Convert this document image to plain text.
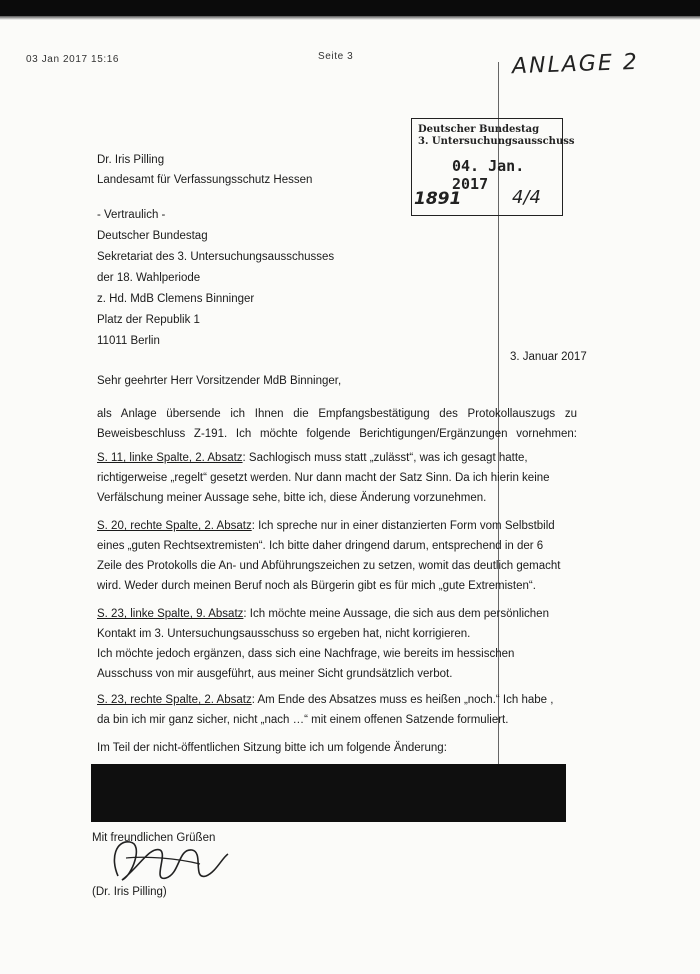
03 Jan 2017 15:16	Seite 3	ANLAGE 2
Deutscher Bundestag
3. Untersuchungsausschuss
04. Jan. 2017
1891	4/4
Dr. Iris Pilling
Landesamt für Verfassungsschutz Hessen
- Vertraulich -
Deutscher Bundestag
Sekretariat des 3. Untersuchungsausschusses
der 18. Wahlperiode
z. Hd. MdB Clemens Binninger
Platz der Republik 1
11011 Berlin
3. Januar 2017
Sehr geehrter Herr Vorsitzender MdB Binninger,

als Anlage übersende ich Ihnen die Empfangsbestätigung des Protokollauszugs zu

Beweisbeschluss Z-191. Ich möchte folgende Berichtigungen/Ergänzungen vornehmen:

S. 11, linke Spalte, 2. Absatz: Sachlogisch muss statt „zulässt“, was ich gesagt hatte,

richtigerweise „regelt“ gesetzt werden. Nur dann macht der Satz Sinn. Da ich hierin keine

Verfälschung meiner Aussage sehe, bitte ich, diese Änderung vorzunehmen.

S. 20, rechte Spalte, 2. Absatz: Ich spreche nur in einer distanzierten Form vom Selbstbild

eines „guten Rechtsextremisten“. Ich bitte daher dringend darum, entsprechend in der 6

Zeile des Protokolls die An- und Abführungszeichen zu setzen, womit das deutlich gemacht

wird. Weder durch meinen Beruf noch als Bürgerin gibt es für mich „gute Extremisten“.

S. 23, linke Spalte, 9. Absatz: Ich möchte meine Aussage, die sich aus dem persönlichen

Kontakt im 3. Untersuchungsausschuss so ergeben hat, nicht korrigieren.

Ich möchte jedoch ergänzen, dass sich eine Nachfrage, wie bereits im hessischen

Ausschuss von mir ausgeführt, aus meiner Sicht grundsätzlich verbot.

S. 23, rechte Spalte, 2. Absatz: Am Ende des Absatzes muss es heißen „noch.“ Ich habe ,

da bin ich mir ganz sicher, nicht „nach …“ mit einem offenen Satzende formuliert.

Im Teil der nicht-öffentlichen Sitzung bitte ich um folgende Änderung:

Mit freundlichen Grüßen
(Dr. Iris Pilling)
